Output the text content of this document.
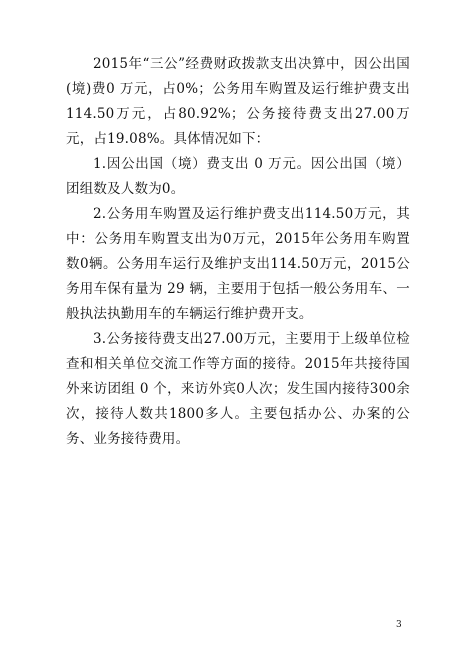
2015年“三公”经费财政拨款支出决算中，因公出国(境)费0 万元，占0%；公务用车购置及运行维护费支出114.50万元，占80.92%；公务接待费支出27.00万元，占19.08%。具体情况如下：

1.因公出国（境）费支出 0 万元。因公出国（境）团组数及人数为0。

2.公务用车购置及运行维护费支出114.50万元，其中：公务用车购置支出为0万元，2015年公务用车购置数0辆。公务用车运行及维护支出114.50万元，2015公务用车保有量为 29 辆，主要用于包括一般公务用车、一般执法执勤用车的车辆运行维护费开支。

3.公务接待费支出27.00万元，主要用于上级单位检查和相关单位交流工作等方面的接待。2015年共接待国外来访团组 0 个，来访外宾0人次；发生国内接待300余次，接待人数共1800多人。主要包括办公、办案的公务、业务接待费用。

3
